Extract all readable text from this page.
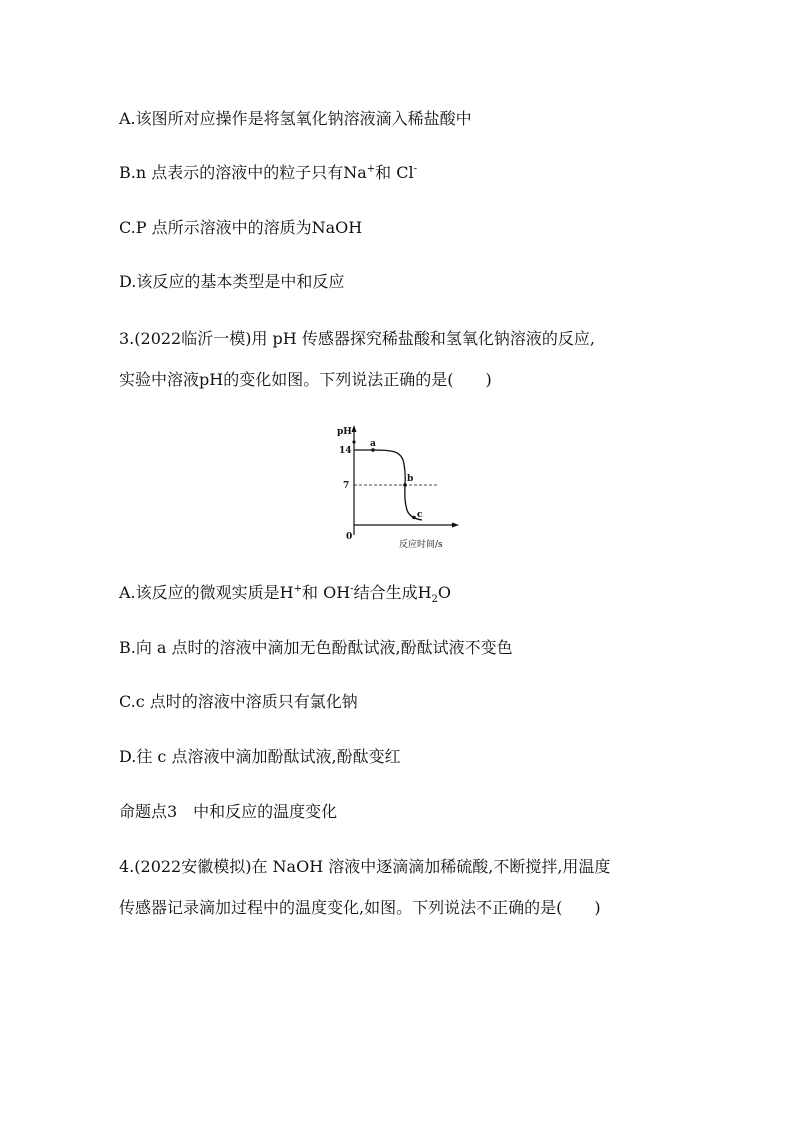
A.该图所对应操作是将氢氧化钠溶液滴入稀盐酸中
B.n 点表示的溶液中的粒子只有Na+和 Cl-
C.P 点所示溶液中的溶质为NaOH
D.该反应的基本类型是中和反应
3.(2022临沂一模)用 pH 传感器探究稀盐酸和氢氧化钠溶液的反应,
实验中溶液pH的变化如图。下列说法正确的是(　　)
pH
反应时间/s
0
14
7
a
b
c
A.该反应的微观实质是H+和 OH-结合生成$H_2O$
B.向 a 点时的溶液中滴加无色酚酞试液,酚酞试液不变色
C.c 点时的溶液中溶质只有氯化钠
D.往 c 点溶液中滴加酚酞试液,酚酞变红
命题点3　中和反应的温度变化
4.(2022安徽模拟)在 NaOH 溶液中逐滴滴加稀硫酸,不断搅拌,用温度
传感器记录滴加过程中的温度变化,如图。下列说法不正确的是(　　)
